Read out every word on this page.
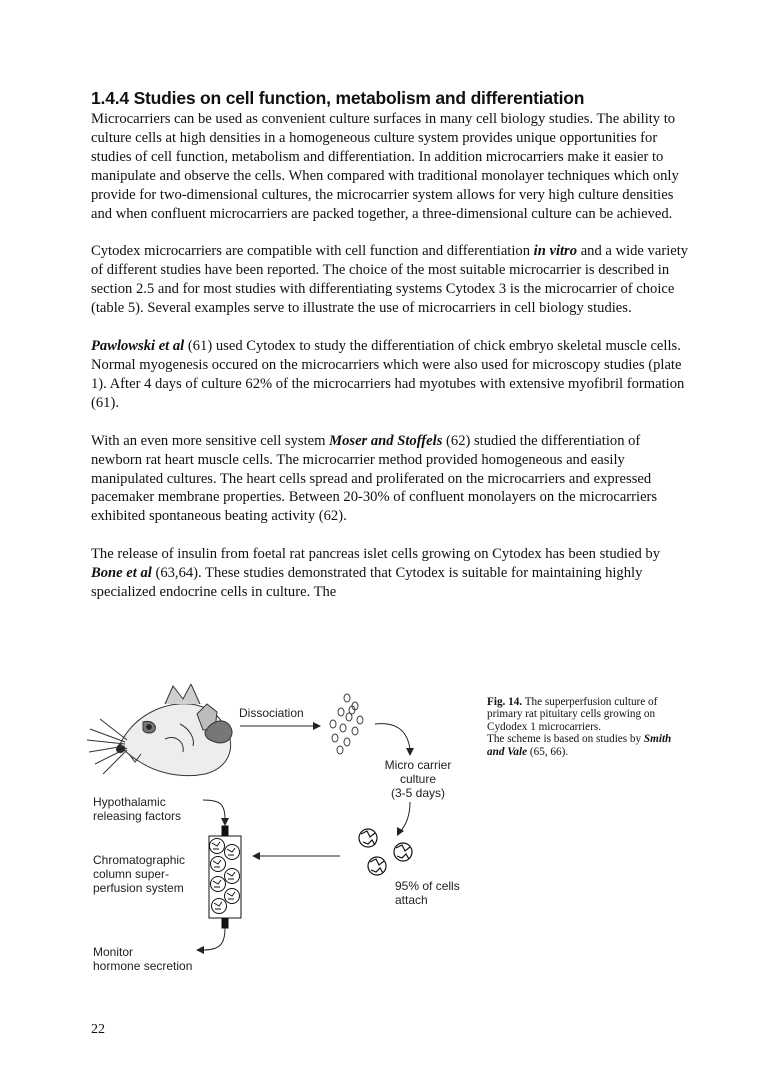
1.4.4 Studies on cell function, metabolism and differentiation

Microcarriers can be used as convenient culture surfaces in many cell biology studies. The ability to culture cells at high densities in a homogeneous culture system provides unique opportunities for studies of cell function, metabolism and differentiation. In addition microcarriers make it easier to manipulate and observe the cells. When compared with traditional monolayer techniques which only provide for two-dimensional cultures, the microcarrier system allows for very high culture densities and when confluent microcarriers are packed together, a three-dimensional culture can be achieved.

Cytodex microcarriers are compatible with cell function and differentiation in vitro and a wide variety of different studies have been reported. The choice of the most suitable microcarrier is described in section 2.5 and for most studies with differentiating systems Cytodex 3 is the microcarrier of choice (table 5). Several examples serve to illustrate the use of microcarriers in cell biology studies.

Pawlowski et al (61) used Cytodex to study the differentiation of chick embryo skeletal muscle cells. Normal myogenesis occured on the microcarriers which were also used for microscopy studies (plate 1). After 4 days of culture 62% of the microcarriers had myotubes with extensive myofibril formation (61).

With an even more sensitive cell system Moser and Stoffels (62) studied the differentiation of newborn rat heart muscle cells. The microcarrier method provided homogeneous and easily manipulated cultures. The heart cells spread and proliferated on the microcarriers and expressed pacemaker membrane properties. Between 20-30% of confluent monolayers on the microcarriers exhibited spontaneous beating activity (62).

The release of insulin from foetal rat pancreas islet cells growing on Cytodex has been studied by Bone et al (63,64). These studies demonstrated that Cytodex is suitable for maintaining highly specialized endocrine cells in culture. The

Dissociation
Micro carrier
culture
(3-5 days)
Hypothalamic
releasing factors
Chromatographic
column super-
perfusion system	95% of cells
attach
Monitor
hormone secretion
Fig. 14. The superperfusion culture of primary rat pituitary cells growing on Cydodex 1 microcarriers.
The scheme is based on studies by Smith and Vale (65, 66).
22
